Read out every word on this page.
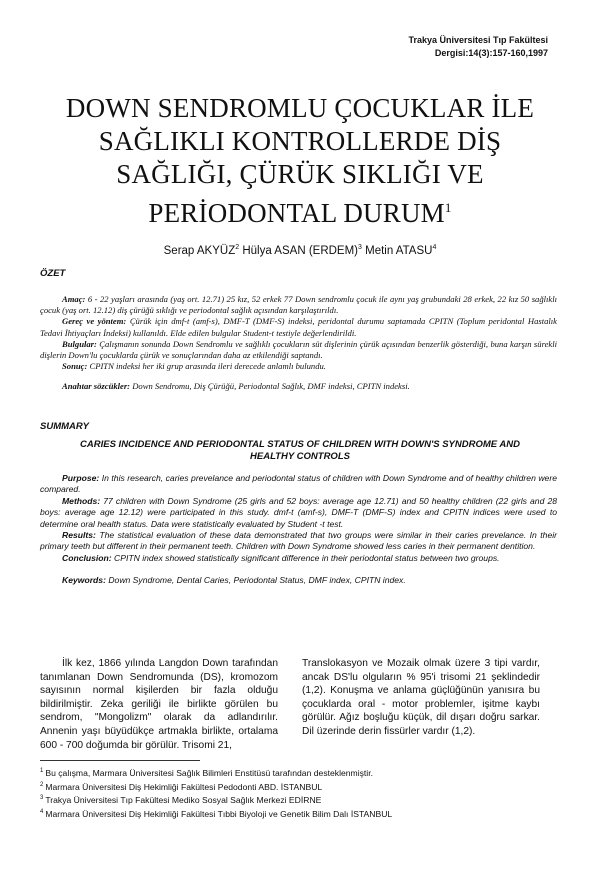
Trakya Üniversitesi Tıp Fakültesi
Dergisi:14(3):157-160,1997
DOWN SENDROMLU ÇOCUKLAR İLE
SAĞLIKLI KONTROLLERDE DİŞ
SAĞLIĞI, ÇÜRÜK SIKLIĞI VE
PERİODONTAL DURUM$^1$
Serap AKYÜZ$^2$ Hülya ASAN (ERDEM)$^3$ Metin ATASU$^4$
ÖZET

Amaç: 6 - 22 yaşları arasında (yaş ort. 12.71) 25 kız, 52 erkek 77 Down sendromlu çocuk ile aynı yaş grubundaki 28 erkek, 22 kız 50 sağlıklı çocuk (yaş ort. 12.12) diş çürüğü sıklığı ve periodontal sağlık açısından karşılaştırıldı.

Gereç ve yöntem: Çürük için dmf-t (amf-s), DMF-T (DMF-S) indeksi, peridontal durumu saptamada CPITN (Toplum peridontal Hastalık Tedavi İhtiyaçları İndeksi) kullanıldı. Elde edilen bulgular Student-t testiyle değerlendirildi.

Bulgular: Çalışmanın sonunda Down Sendromlu ve sağlıklı çocukların süt dişlerinin çürük açısından benzerlik gösterdiği, buna karşın sürekli dişlerin Down'lu çocuklarda çürük ve sonuçlarından daha az etkilendiği saptandı.

Sonuç: CPITN indeksi her iki grup arasında ileri derecede anlamlı bulundu.

Anahtar sözcükler: Down Sendromu, Diş Çürüğü, Periodontal Sağlık, DMF indeksi, CPITN indeksi.

SUMMARY
CARIES INCIDENCE AND PERIODONTAL STATUS OF CHILDREN WITH DOWN'S SYNDROME AND
HEALTHY CONTROLS

Purpose: In this research, caries prevelance and periodontal status of children with Down Syndrome and of healthy children were compared.

Methods: 77 children with Down Syndrome (25 girls and 52 boys: average age 12.71) and 50 healthy children (22 girls and 28 boys: average age 12.12) were participated in this study. dmf-t (amf-s), DMF-T (DMF-S) index and CPITN indices were used to determine oral health status. Data were statistically evaluated by Student -t test.

Results: The statistical evaluation of these data demonstrated that two groups were similar in their caries prevelance. In their primary teeth but different in their permanent teeth. Children with Down Syndrome showed less caries in their permanent dentition.

Conclusion: CPITN index showed statistically significant difference in their periodontal status between two groups.

Keywords: Down Syndrome, Dental Caries, Periodontal Status, DMF index, CPITN index.

İlk kez, 1866 yılında Langdon Down tarafından tanımlanan Down Sendromunda (DS), kromozom sayısının normal kişilerden bir fazla olduğu bildirilmiştir. Zeka geriliği ile birlikte görülen bu sendrom, "Mongolizm" olarak da adlandırılır. Annenin yaşı büyüdükçe artmakla birlikte, ortalama 600 - 700 doğumda bir görülür. Trisomi 21,

Translokasyon ve Mozaik olmak üzere 3 tipi vardır, ancak DS'lu olguların % 95'i trisomi 21 şeklindedir (1,2). Konuşma ve anlama güçlüğünün yanısıra bu çocuklarda oral - motor problemler, işitme kaybı görülür. Ağız boşluğu küçük, dil dışarı doğru sarkar. Dil üzerinde derin fissürler vardır (1,2).

$^1$ Bu çalışma, Marmara Üniversitesi Sağlık Bilimleri Enstitüsü tarafından desteklenmiştir.
$^2$ Marmara Üniversitesi Diş Hekimliği Fakültesi Pedodonti ABD. İSTANBUL
$^3$ Trakya Üniversitesi Tıp Fakültesi Mediko Sosyal Sağlık Merkezi EDİRNE
$^4$ Marmara Üniversitesi Diş Hekimliği Fakültesi Tıbbi Biyoloji ve Genetik Bilim Dalı İSTANBUL
